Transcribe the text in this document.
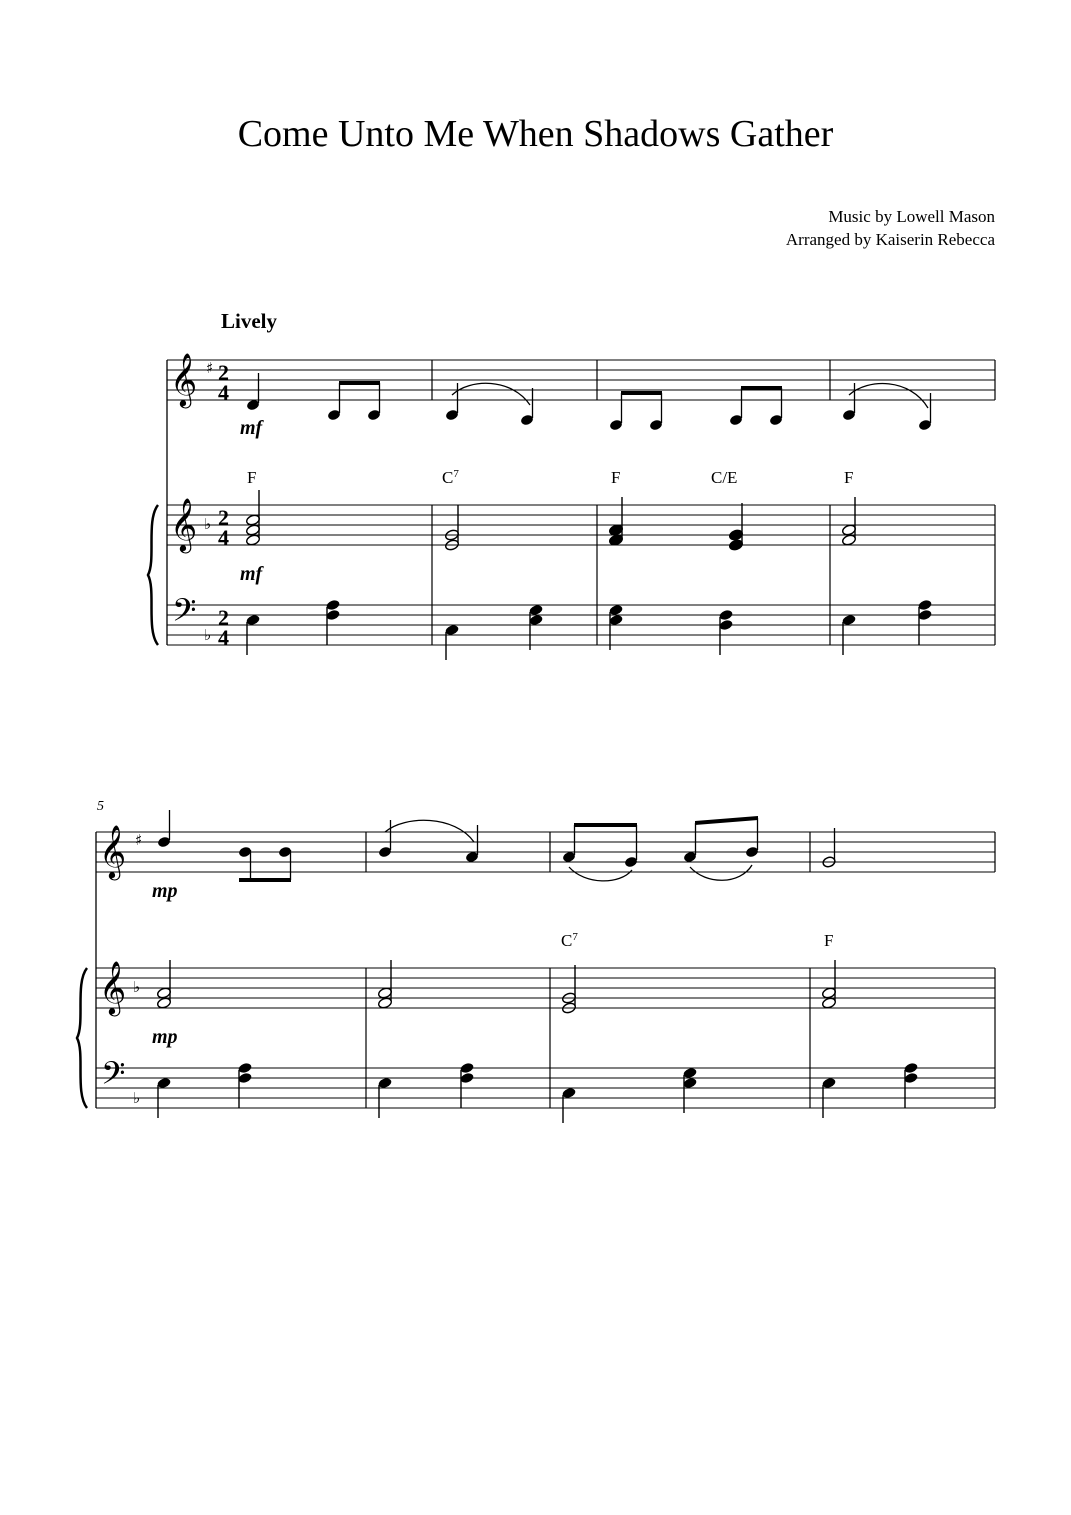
Come Unto Me When Shadows Gather
Music by Lowell Mason
Arranged by Kaiserin Rebecca
Lively
𝄞 ♯
𝄞 ♭
𝄢 ♭
2
4
2
4
2
4
mf
mf
F	$C^7$	F	C/E	F
5
𝄞 ♯
𝄞 ♭
𝄢 ♭
mp
mp
$C^7$	F
